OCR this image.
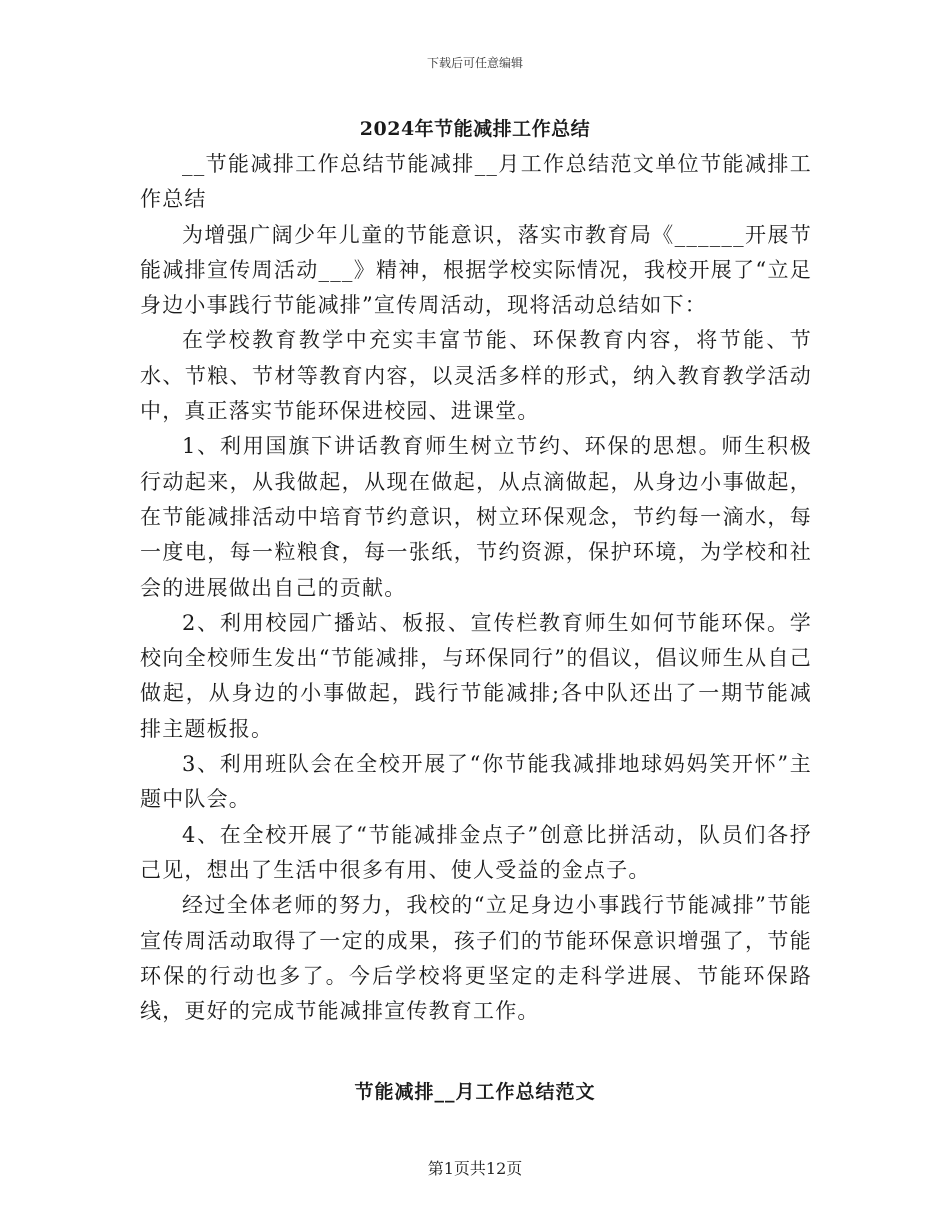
下载后可任意编辑
2024年节能减排工作总结

__节能减排工作总结节能减排__月工作总结范文单位节能减排工作总结

为增强广阔少年儿童的节能意识，落实市教育局《______开展节能减排宣传周活动___》精神，根据学校实际情况，我校开展了“立足身边小事践行节能减排”宣传周活动，现将活动总结如下：

在学校教育教学中充实丰富节能、环保教育内容，将节能、节水、节粮、节材等教育内容，以灵活多样的形式，纳入教育教学活动中，真正落实节能环保进校园、进课堂。

1、利用国旗下讲话教育师生树立节约、环保的思想。师生积极行动起来，从我做起，从现在做起，从点滴做起，从身边小事做起，在节能减排活动中培育节约意识，树立环保观念，节约每一滴水，每一度电，每一粒粮食，每一张纸，节约资源，保护环境，为学校和社会的进展做出自己的贡献。

2、利用校园广播站、板报、宣传栏教育师生如何节能环保。学校向全校师生发出“节能减排，与环保同行”的倡议，倡议师生从自己做起，从身边的小事做起，践行节能减排;各中队还出了一期节能减排主题板报。

3、利用班队会在全校开展了“你节能我减排地球妈妈笑开怀”主题中队会。

4、在全校开展了“节能减排金点子”创意比拼活动，队员们各抒己见，想出了生活中很多有用、使人受益的金点子。

经过全体老师的努力，我校的“立足身边小事践行节能减排”节能宣传周活动取得了一定的成果，孩子们的节能环保意识增强了，节能环保的行动也多了。今后学校将更坚定的走科学进展、节能环保路线，更好的完成节能减排宣传教育工作。

节能减排__月工作总结范文
第1页共12页
